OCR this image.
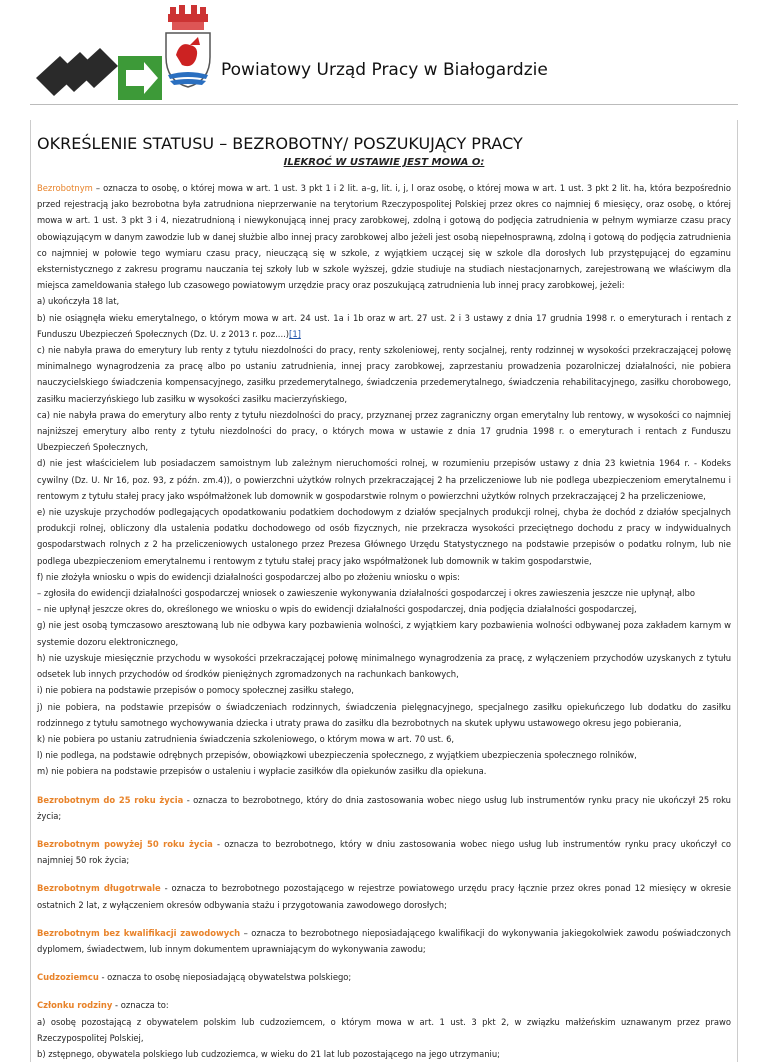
Powiatowy Urząd Pracy w Białogardzie
OKREŚLENIE STATUSU – BEZROBOTNY/ POSZUKUJĄCY PRACY
ILEKROĆ W USTAWIE JEST MOWA O:

Bezrobotnym – oznacza to osobę, o której mowa w art. 1 ust. 3 pkt 1 i 2 lit. a–g, lit. i, j, l oraz osobę, o której mowa w art. 1 ust. 3 pkt 2 lit. ha, która bezpośrednio przed rejestracją jako bezrobotna była zatrudniona nieprzerwanie na terytorium Rzeczypospolitej Polskiej przez okres co najmniej 6 miesięcy, oraz osobę, o której mowa w art. 1 ust. 3 pkt 3 i 4, niezatrudnioną i niewykonującą innej pracy zarobkowej, zdolną i gotową do podjęcia zatrudnienia w pełnym wymiarze czasu pracy obowiązującym w danym zawodzie lub w danej służbie albo innej pracy zarobkowej albo jeżeli jest osobą niepełnosprawną, zdolną i gotową do podjęcia zatrudnienia co najmniej w połowie tego wymiaru czasu pracy, nieuczącą się w szkole, z wyjątkiem uczącej się w szkole dla dorosłych lub przystępującej do egzaminu eksternistycznego z zakresu programu nauczania tej szkoły lub w szkole wyższej, gdzie studiuje na studiach niestacjonarnych, zarejestrowaną we właściwym dla miejsca zameldowania stałego lub czasowego powiatowym urzędzie pracy oraz poszukującą zatrudnienia lub innej pracy zarobkowej, jeżeli:

a) ukończyła 18 lat,

b) nie osiągnęła wieku emerytalnego, o którym mowa w art. 24 ust. 1a i 1b oraz w art. 27 ust. 2 i 3 ustawy z dnia 17 grudnia 1998 r. o emeryturach i rentach z Funduszu Ubezpieczeń Społecznych (Dz. U. z 2013 r. poz....)[1]

c) nie nabyła prawa do emerytury lub renty z tytułu niezdolności do pracy, renty szkoleniowej, renty socjalnej, renty rodzinnej w wysokości przekraczającej połowę minimalnego wynagrodzenia za pracę albo po ustaniu zatrudnienia, innej pracy zarobkowej, zaprzestaniu prowadzenia pozarolniczej działalności, nie pobiera nauczycielskiego świadczenia kompensacyjnego, zasiłku przedemerytalnego, świadczenia przedemerytalnego, świadczenia rehabilitacyjnego, zasiłku chorobowego, zasiłku macierzyńskiego lub zasiłku w wysokości zasiłku macierzyńskiego,

ca) nie nabyła prawa do emerytury albo renty z tytułu niezdolności do pracy, przyznanej przez zagraniczny organ emerytalny lub rentowy, w wysokości co najmniej najniższej emerytury albo renty z tytułu niezdolności do pracy, o których mowa w ustawie z dnia 17 grudnia 1998 r. o emeryturach i rentach z Funduszu Ubezpieczeń Społecznych,

d) nie jest właścicielem lub posiadaczem samoistnym lub zależnym nieruchomości rolnej, w rozumieniu przepisów ustawy z dnia 23 kwietnia 1964 r. - Kodeks cywilny (Dz. U. Nr 16, poz. 93, z późn. zm.4)), o powierzchni użytków rolnych przekraczającej 2 ha przeliczeniowe lub nie podlega ubezpieczeniom emerytalnemu i rentowym z tytułu stałej pracy jako współmałżonek lub domownik w gospodarstwie rolnym o powierzchni użytków rolnych przekraczającej 2 ha przeliczeniowe,

e) nie uzyskuje przychodów podlegających opodatkowaniu podatkiem dochodowym z działów specjalnych produkcji rolnej, chyba że dochód z działów specjalnych produkcji rolnej, obliczony dla ustalenia podatku dochodowego od osób fizycznych, nie przekracza wysokości przeciętnego dochodu z pracy w indywidualnych gospodarstwach rolnych z 2 ha przeliczeniowych ustalonego przez Prezesa Głównego Urzędu Statystycznego na podstawie przepisów o podatku rolnym, lub nie podlega ubezpieczeniom emerytalnemu i rentowym z tytułu stałej pracy jako współmałżonek lub domownik w takim gospodarstwie,

f) nie złożyła wniosku o wpis do ewidencji działalności gospodarczej albo po złożeniu wniosku o wpis:

– zgłosiła do ewidencji działalności gospodarczej wniosek o zawieszenie wykonywania działalności gospodarczej i okres zawieszenia jeszcze nie upłynął, albo

– nie upłynął jeszcze okres do, określonego we wniosku o wpis do ewidencji działalności gospodarczej, dnia podjęcia działalności gospodarczej,

g) nie jest osobą tymczasowo aresztowaną lub nie odbywa kary pozbawienia wolności, z wyjątkiem kary pozbawienia wolności odbywanej poza zakładem karnym w systemie dozoru elektronicznego,

h) nie uzyskuje miesięcznie przychodu w wysokości przekraczającej połowę minimalnego wynagrodzenia za pracę, z wyłączeniem przychodów uzyskanych z tytułu odsetek lub innych przychodów od środków pieniężnych zgromadzonych na rachunkach bankowych,

i) nie pobiera na podstawie przepisów o pomocy społecznej zasiłku stałego,

j) nie pobiera, na podstawie przepisów o świadczeniach rodzinnych, świadczenia pielęgnacyjnego, specjalnego zasiłku opiekuńczego lub dodatku do zasiłku rodzinnego z tytułu samotnego wychowywania dziecka i utraty prawa do zasiłku dla bezrobotnych na skutek upływu ustawowego okresu jego pobierania,

k) nie pobiera po ustaniu zatrudnienia świadczenia szkoleniowego, o którym mowa w art. 70 ust. 6,

l) nie podlega, na podstawie odrębnych przepisów, obowiązkowi ubezpieczenia społecznego, z wyjątkiem ubezpieczenia społecznego rolników,

m) nie pobiera na podstawie przepisów o ustaleniu i wypłacie zasiłków dla opiekunów zasiłku dla opiekuna.

Bezrobotnym do 25 roku życia - oznacza to bezrobotnego, który do dnia zastosowania wobec niego usług lub instrumentów rynku pracy nie ukończył 25 roku życia;

Bezrobotnym powyżej 50 roku życia - oznacza to bezrobotnego, który w dniu zastosowania wobec niego usług lub instrumentów rynku pracy ukończył co najmniej 50 rok życia;

Bezrobotnym długotrwale - oznacza to bezrobotnego pozostającego w rejestrze powiatowego urzędu pracy łącznie przez okres ponad 12 miesięcy w okresie ostatnich 2 lat, z wyłączeniem okresów odbywania stażu i przygotowania zawodowego dorosłych;

Bezrobotnym bez kwalifikacji zawodowych – oznacza to bezrobotnego nieposiadającego kwalifikacji do wykonywania jakiegokolwiek zawodu poświadczonych dyplomem, świadectwem, lub innym dokumentem uprawniającym do wykonywania zawodu;

Cudzoziemcu - oznacza to osobę nieposiadającą obywatelstwa polskiego;

Członku rodziny - oznacza to:

a) osobę pozostającą z obywatelem polskim lub cudzoziemcem, o którym mowa w art. 1 ust. 3 pkt 2, w związku małżeńskim uznawanym przez prawo Rzeczypospolitej Polskiej,

b) zstępnego, obywatela polskiego lub cudzoziemca, w wieku do 21 lat lub pozostającego na jego utrzymaniu;
